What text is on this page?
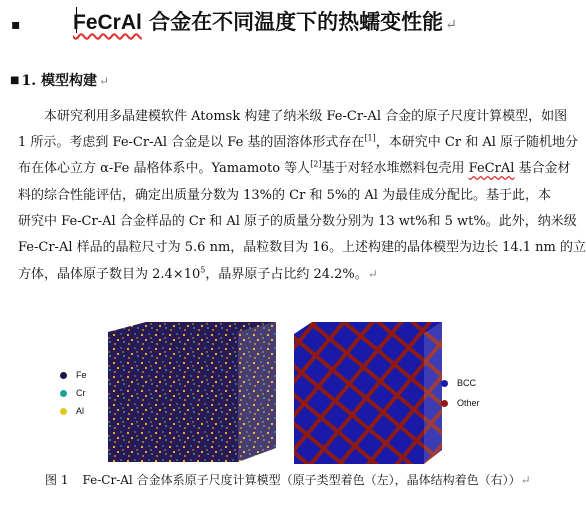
▪	FeCrAl 合金在不同温度下的热蠕变性能 ↵
■ 1. 模型构建 ↵
本研究利用多晶建模软件 Atomsk 构建了纳米级 Fe-Cr-Al 合金的原子尺度计算模型，如图
1 所示。考虑到 Fe-Cr-Al 合金是以 Fe 基的固溶体形式存在[1]，本研究中 Cr 和 Al 原子随机地分
布在体心立方 α-Fe 晶格体系中。Yamamoto 等人[2]基于对轻水堆燃料包壳用 FeCrAl 基合金材
料的综合性能评估，确定出质量分数为 13%的 Cr 和 5%的 Al 为最佳成分配比。基于此，本
研究中 Fe-Cr-Al 合金样品的 Cr 和 Al 原子的质量分数分别为 13 wt%和 5 wt%。此外，纳米级
Fe-Cr-Al 样品的晶粒尺寸为 5.6 nm，晶粒数目为 16。上述构建的晶体模型为边长 14.1 nm 的立
方体，晶体原子数目为 $2.4\times 10^5$，晶界原子占比约 24.2%。↵
Fe
Cr
Al
BCC
Other
图 1 Fe-Cr-Al 合金体系原子尺度计算模型（原子类型着色（左），晶体结构着色（右））↵
